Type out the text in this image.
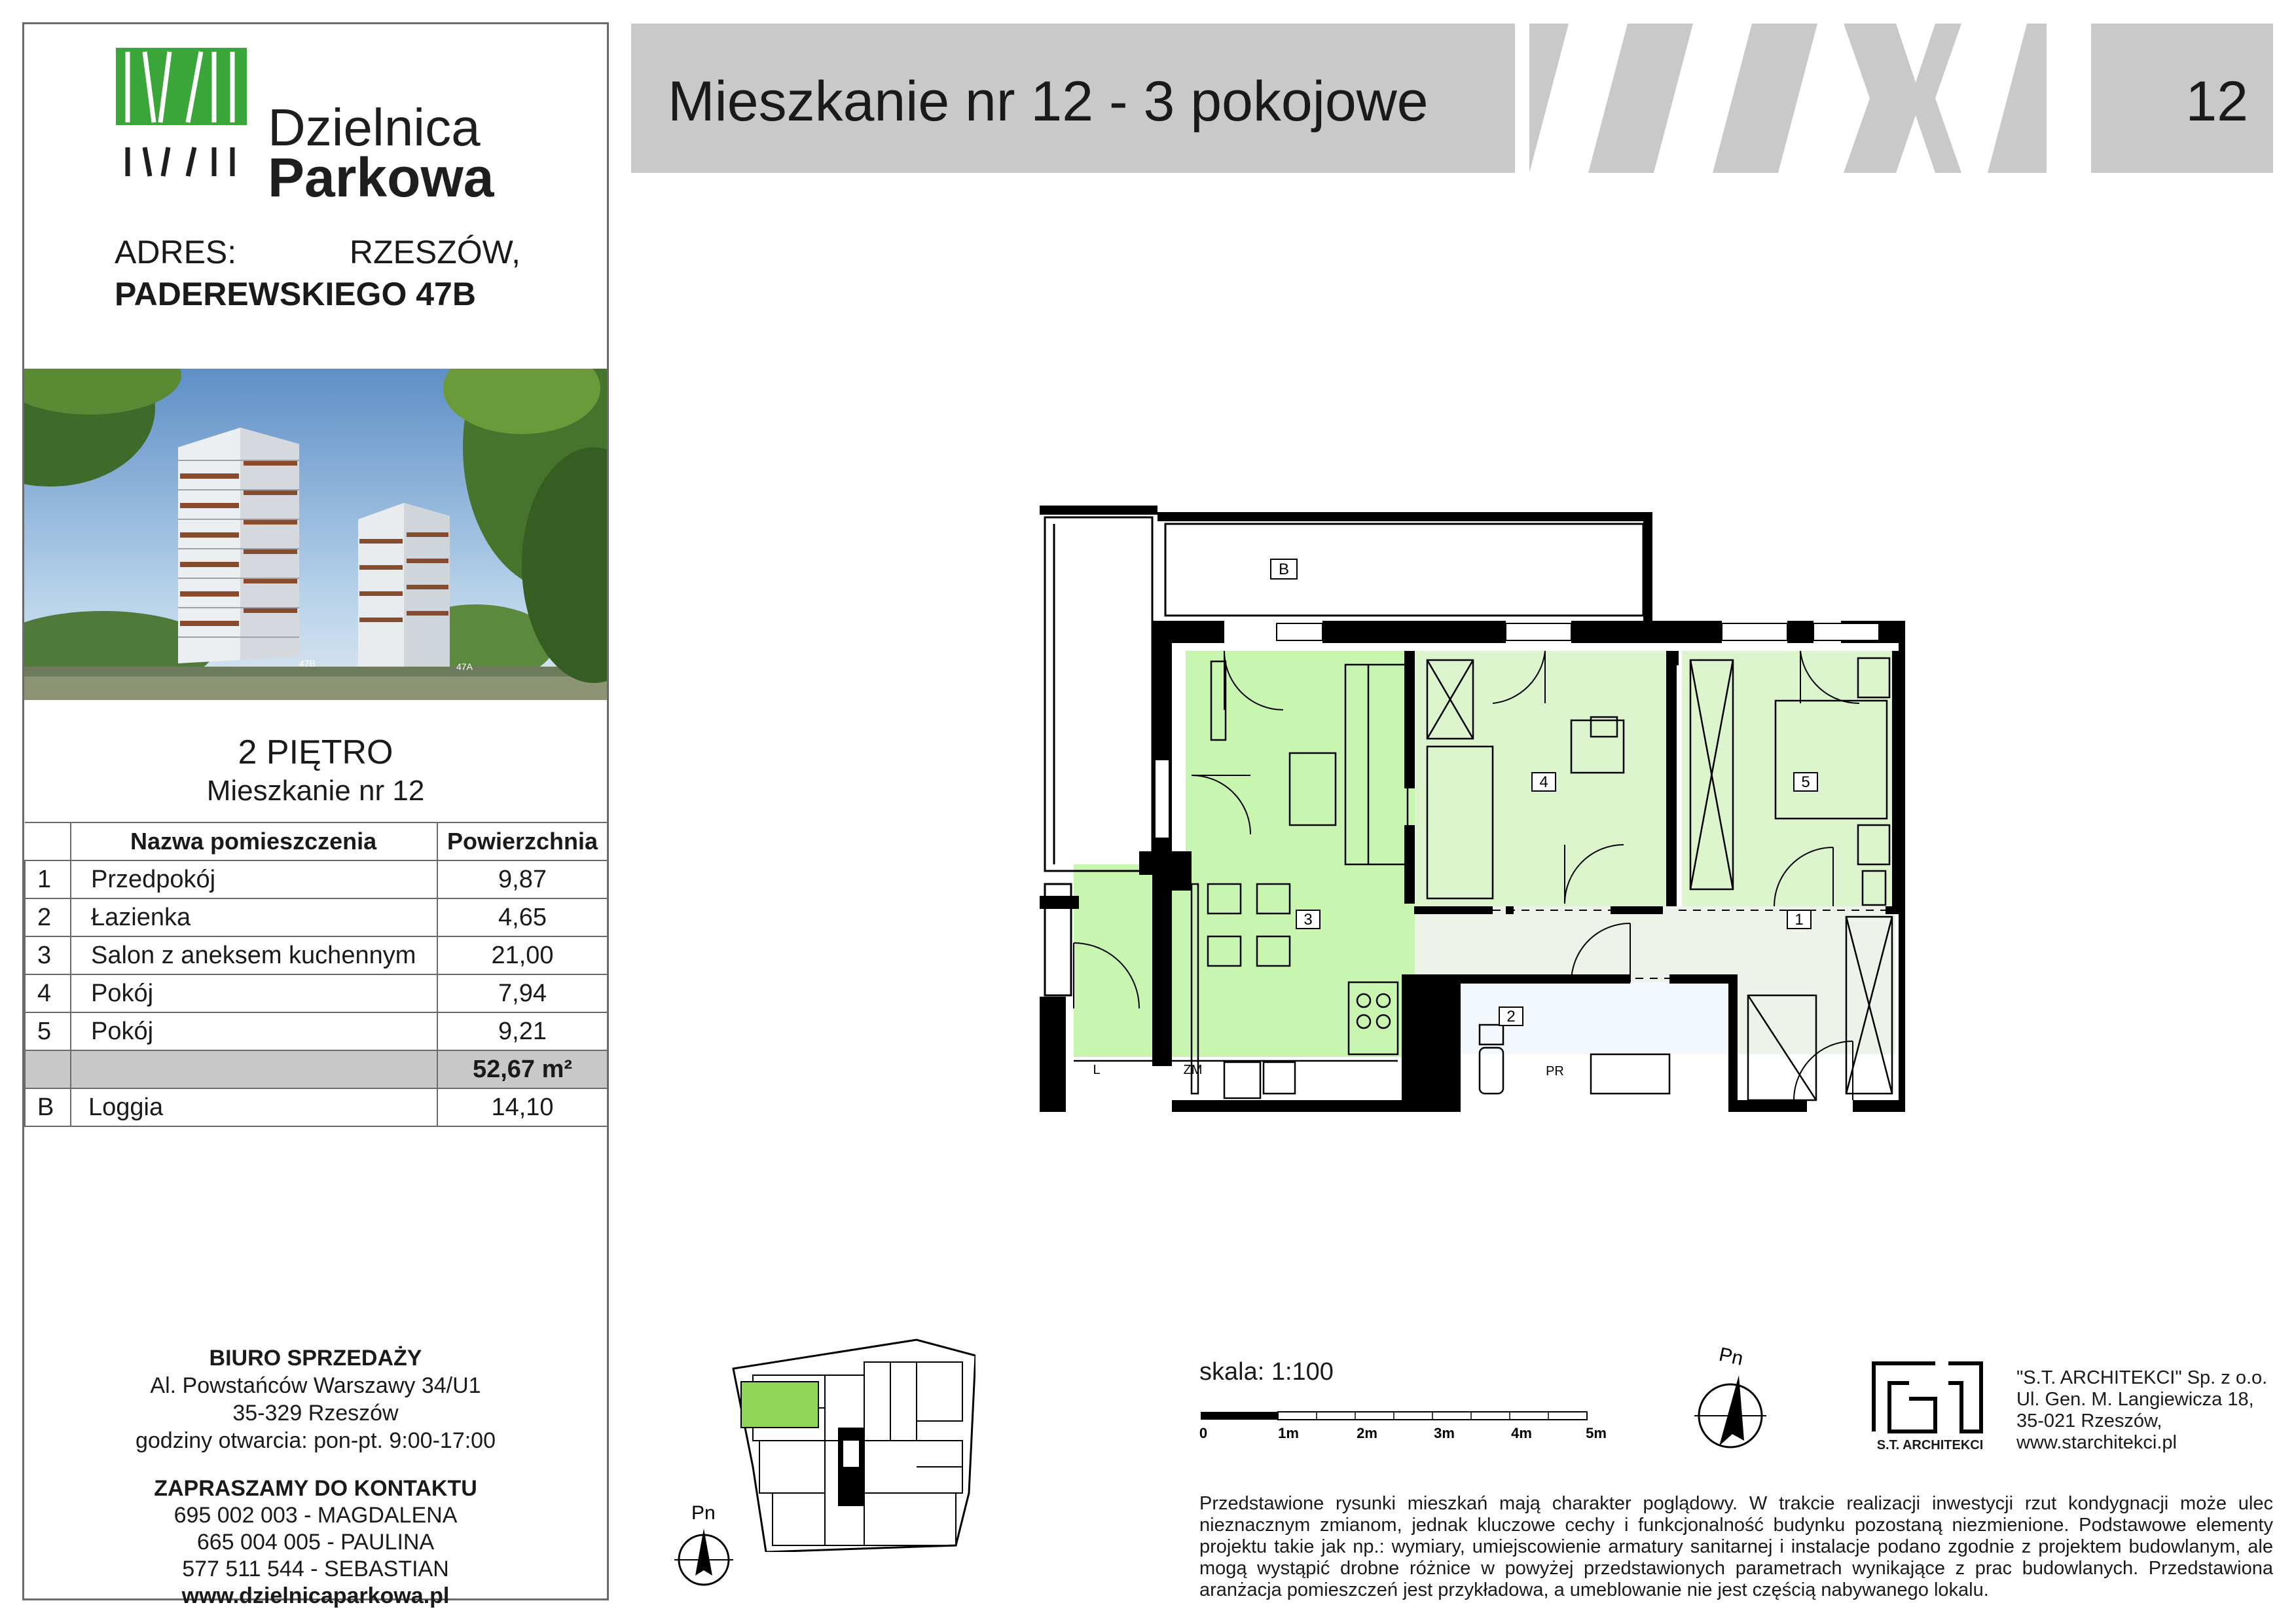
Dzielnica
Parkowa
ADRES:	RZESZÓW,
PADEREWSKIEGO 47B
47B	47A
2 PIĘTRO
Mieszkanie nr 12
	Nazwa pomieszczenia	Powierzchnia
1	Przedpokój	9,87
2	Łazienka	4,65
3	Salon z aneksem kuchennym	21,00
4	Pokój	7,94
5	Pokój	9,21
		52,67 m²
B	Loggia	14,10
BIURO SPRZEDAŻY
Al. Powstańców Warszawy 34/U1
35-329 Rzeszów
godziny otwarcia: pon-pt. 9:00-17:00
ZAPRASZAMY DO KONTAKTU
695 002 003 - MAGDALENA
665 004 005 - PAULINA
577 511 544 - SEBASTIAN
www.dzielnicaparkowa.pl
Mieszkanie nr 12 - 3 pokojowe	12
B
3
4	5
1
2
L	ZM	PR
Pn
skala: 1:100
0	1m	2m	3m	4m	5m
Pn
S.T. ARCHITEKCI
"S.T. ARCHITEKCI" Sp. z o.o.
Ul. Gen. M. Langiewicza 18,
35-021 Rzeszów,
www.starchitekci.pl
Przedstawione rysunki mieszkań mają charakter poglądowy. W trakcie realizacji inwestycji rzut kondygnacji może ulec nieznacznym zmianom, jednak kluczowe cechy i funkcjonalność budynku pozostaną niezmienione. Podstawowe elementy projektu takie jak np.: wymiary, umiejscowienie armatury sanitarnej i instalacje podano zgodnie z projektem budowlanym, ale mogą wystąpić drobne różnice w powyżej przedstawionych parametrach wynikające z prac budowlanych. Przedstawiona aranżacja pomieszczeń jest przykładowa, a umeblowanie nie jest częścią nabywanego lokalu.
